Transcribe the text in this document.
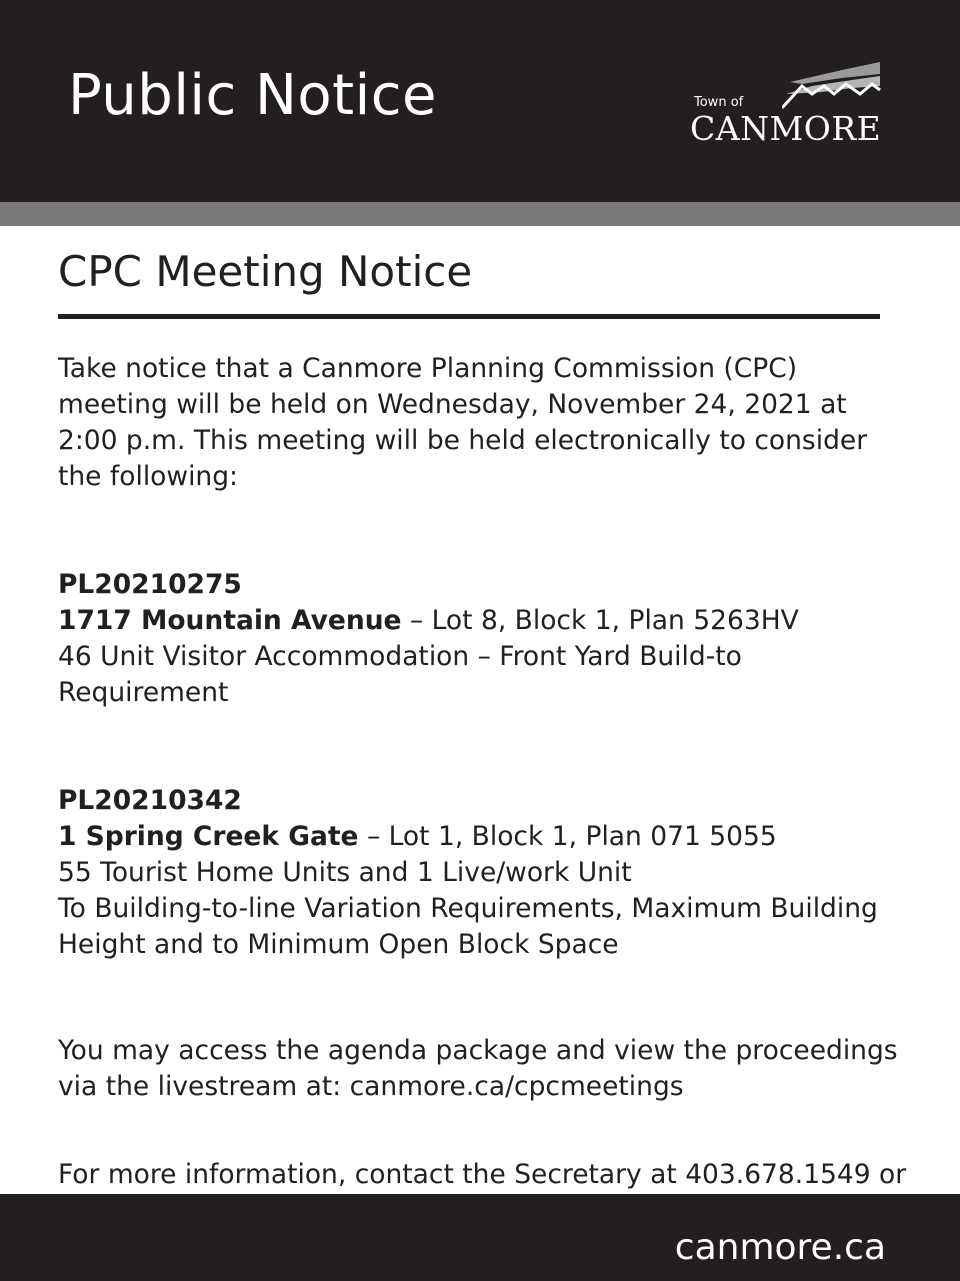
Public Notice	Town of
CANMORE
CPC Meeting Notice

Take notice that a Canmore Planning Commission (CPC) meeting will be held on Wednesday, November 24, 2021 at 2:00 p.m. This meeting will be held electronically to consider the following:

PL20210275

1717 Mountain Avenue – Lot 8, Block 1, Plan 5263HV

46 Unit Visitor Accommodation – Front Yard Build-to Requirement

PL20210342

1 Spring Creek Gate – Lot 1, Block 1, Plan 071 5055

55 Tourist Home Units and 1 Live/work Unit

To Building-to-line Variation Requirements, Maximum Building Height and to Minimum Open Block Space

You may access the agenda package and view the proceedings via the livestream at: canmore.ca/cpcmeetings

For more information, contact the Secretary at 403.678.1549 or

canmore.ca
